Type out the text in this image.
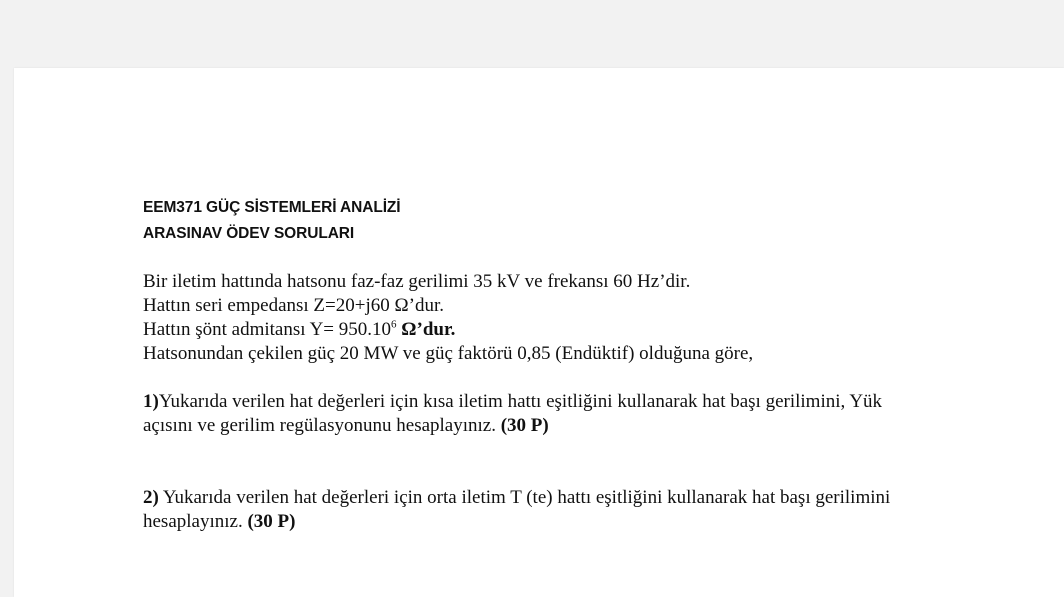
EEM371 GÜÇ SİSTEMLERİ ANALİZİ
ARASINAV ÖDEV SORULARI
Bir iletim hattında hatsonu faz-faz gerilimi 35 kV ve frekansı 60 Hz’dir.
Hattın seri empedansı Z=20+j60 Ω’dur.
Hattın şönt admitansı $Y= 950.10^6$ Ω’dur.
Hatsonundan çekilen güç 20 MW ve güç faktörü 0,85 (Endüktif) olduğuna göre,
1)Yukarıda verilen hat değerleri için kısa iletim hattı eşitliğini kullanarak hat başı gerilimini, Yük
açısını ve gerilim regülasyonunu hesaplayınız. (30 P)
2) Yukarıda verilen hat değerleri için orta iletim T (te) hattı eşitliğini kullanarak hat başı gerilimini
hesaplayınız. (30 P)
